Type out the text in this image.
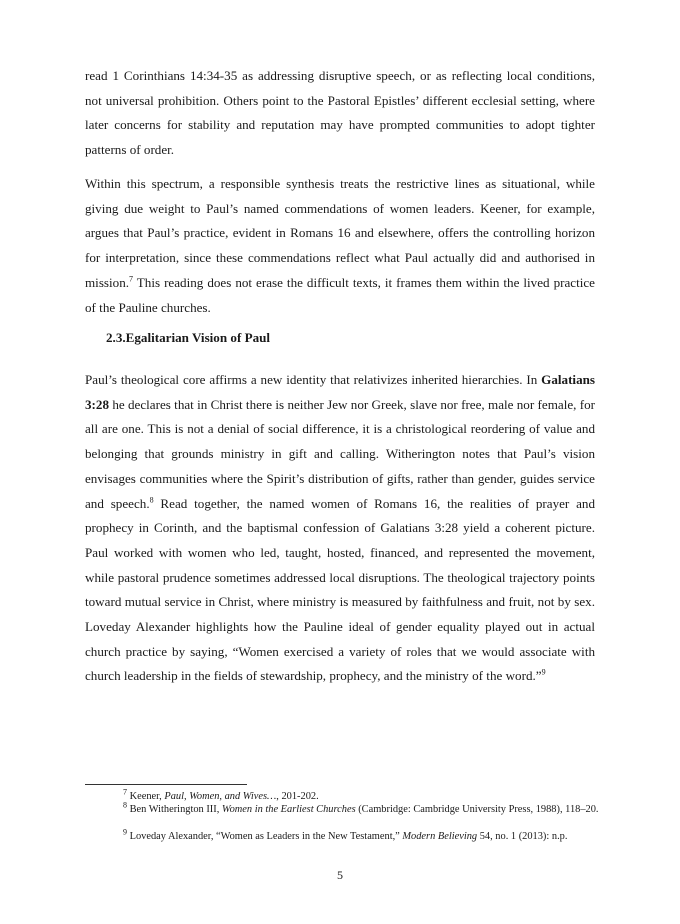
read 1 Corinthians 14:34-35 as addressing disruptive speech, or as reflecting local conditions, not universal prohibition. Others point to the Pastoral Epistles’ different ecclesial setting, where later concerns for stability and reputation may have prompted communities to adopt tighter patterns of order.

Within this spectrum, a responsible synthesis treats the restrictive lines as situational, while giving due weight to Paul’s named commendations of women leaders. Keener, for example, argues that Paul’s practice, evident in Romans 16 and elsewhere, offers the controlling horizon for interpretation, since these commendations reflect what Paul actually did and authorised in mission.$^7$ This reading does not erase the difficult texts, it frames them within the lived practice of the Pauline churches.

2.3.Egalitarian Vision of Paul

Paul’s theological core affirms a new identity that relativizes inherited hierarchies. In Galatians 3:28 he declares that in Christ there is neither Jew nor Greek, slave nor free, male nor female, for all are one. This is not a denial of social difference, it is a christological reordering of value and belonging that grounds ministry in gift and calling. Witherington notes that Paul’s vision envisages communities where the Spirit’s distribution of gifts, rather than gender, guides service and speech.$^8$ Read together, the named women of Romans 16, the realities of prayer and prophecy in Corinth, and the baptismal confession of Galatians 3:28 yield a coherent picture. Paul worked with women who led, taught, hosted, financed, and represented the movement, while pastoral prudence sometimes addressed local disruptions. The theological trajectory points toward mutual service in Christ, where ministry is measured by faithfulness and fruit, not by sex. Loveday Alexander highlights how the Pauline ideal of gender equality played out in actual church practice by saying, “Women exercised a variety of roles that we would associate with church leadership in the fields of stewardship, prophecy, and the ministry of the word.”$^9$

$^7$ Keener, Paul, Women, and Wives…, 201-202.

$^8$ Ben Witherington III, Women in the Earliest Churches (Cambridge: Cambridge University Press, 1988), 118–20.

$^9$ Loveday Alexander, “Women as Leaders in the New Testament,” Modern Believing 54, no. 1 (2013): n.p.

5
